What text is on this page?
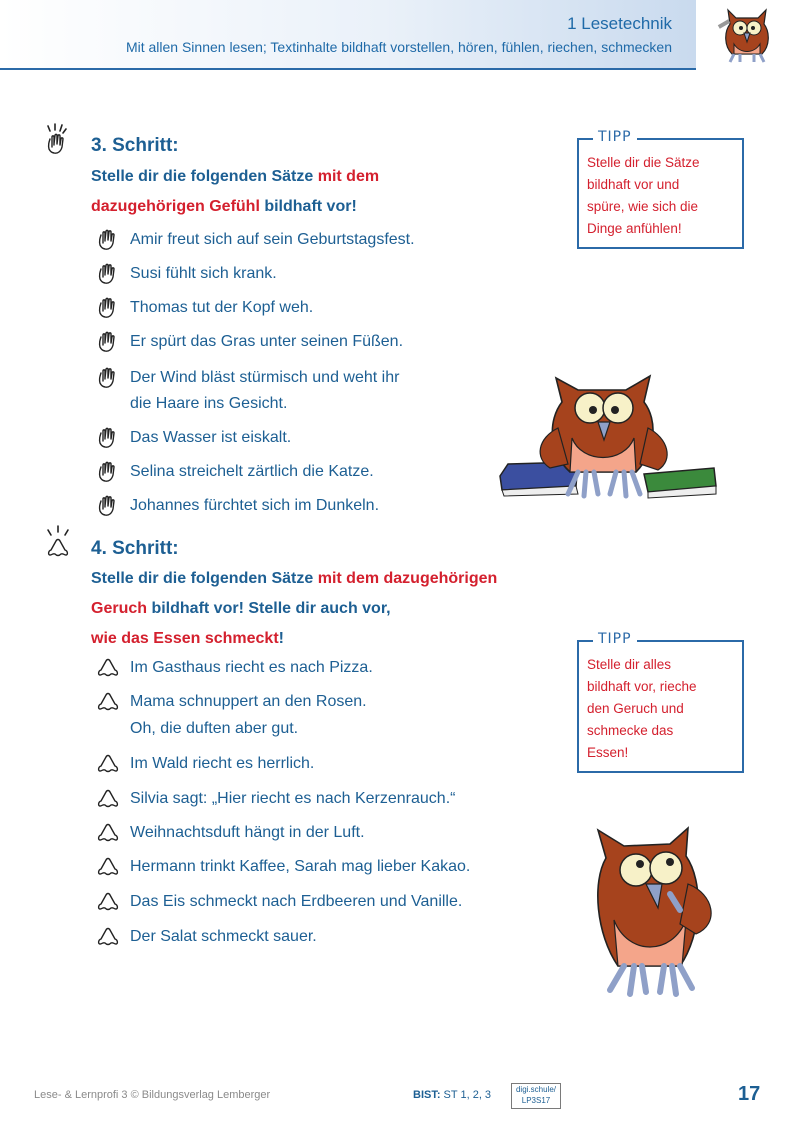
1 Lesetechnik
Mit allen Sinnen lesen; Textinhalte bildhaft vorstellen, hören, fühlen, riechen, schmecken
3. Schritt:
Stelle dir die folgenden Sätze mit dem
dazugehörigen Gefühl bildhaft vor!
Amir freut sich auf sein Geburtstagsfest.
Susi fühlt sich krank.
Thomas tut der Kopf weh.
Er spürt das Gras unter seinen Füßen.
Der Wind bläst stürmisch und weht ihr
die Haare ins Gesicht.
Das Wasser ist eiskalt.
Selina streichelt zärtlich die Katze.
Johannes fürchtet sich im Dunkeln.
TIPP
Stelle dir die Sätze
bildhaft vor und
spüre, wie sich die
Dinge anfühlen!
4. Schritt:
Stelle dir die folgenden Sätze mit dem dazugehörigen
Geruch bildhaft vor! Stelle dir auch vor,
wie das Essen schmeckt!
Im Gasthaus riecht es nach Pizza.
Mama schnuppert an den Rosen.
Oh, die duften aber gut.
Im Wald riecht es herrlich.
Silvia sagt: „Hier riecht es nach Kerzenrauch.“
Weihnachtsduft hängt in der Luft.
Hermann trinkt Kaffee, Sarah mag lieber Kakao.
Das Eis schmeckt nach Erdbeeren und Vanille.
Der Salat schmeckt sauer.
TIPP
Stelle dir alles
bildhaft vor, rieche
den Geruch und
schmecke das
Essen!
Lese- & Lernprofi 3 © Bildungsverlag Lemberger	BIST: ST 1, 2, 3	digi.schule/
LP3S17	17
